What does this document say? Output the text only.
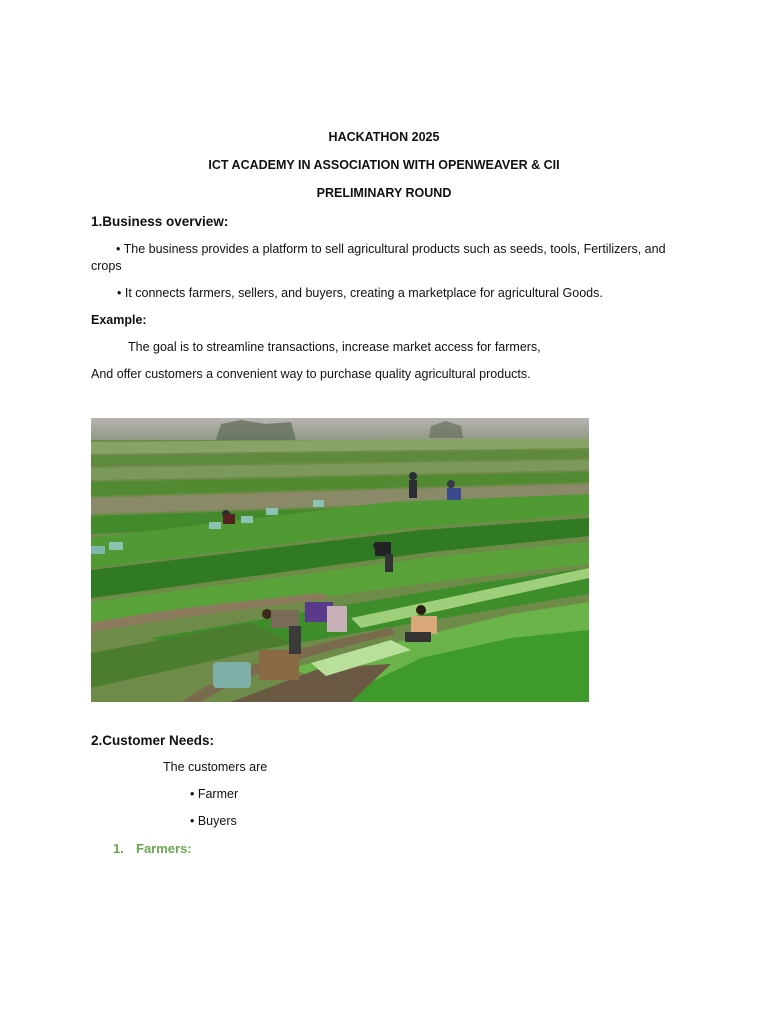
HACKATHON 2025
ICT ACADEMY IN ASSOCIATION WITH OPENWEAVER & CII
PRELIMINARY ROUND
1.Business overview:
• The business provides a platform to sell agricultural products such as seeds, tools, Fertilizers, and crops
• It connects farmers, sellers, and buyers, creating a marketplace for agricultural Goods.
Example:
The goal is to streamline transactions, increase market access for farmers,
And offer customers a convenient way to purchase quality agricultural products.
2.Customer Needs:
The customers are
• Farmer
• Buyers
1. Farmers:
